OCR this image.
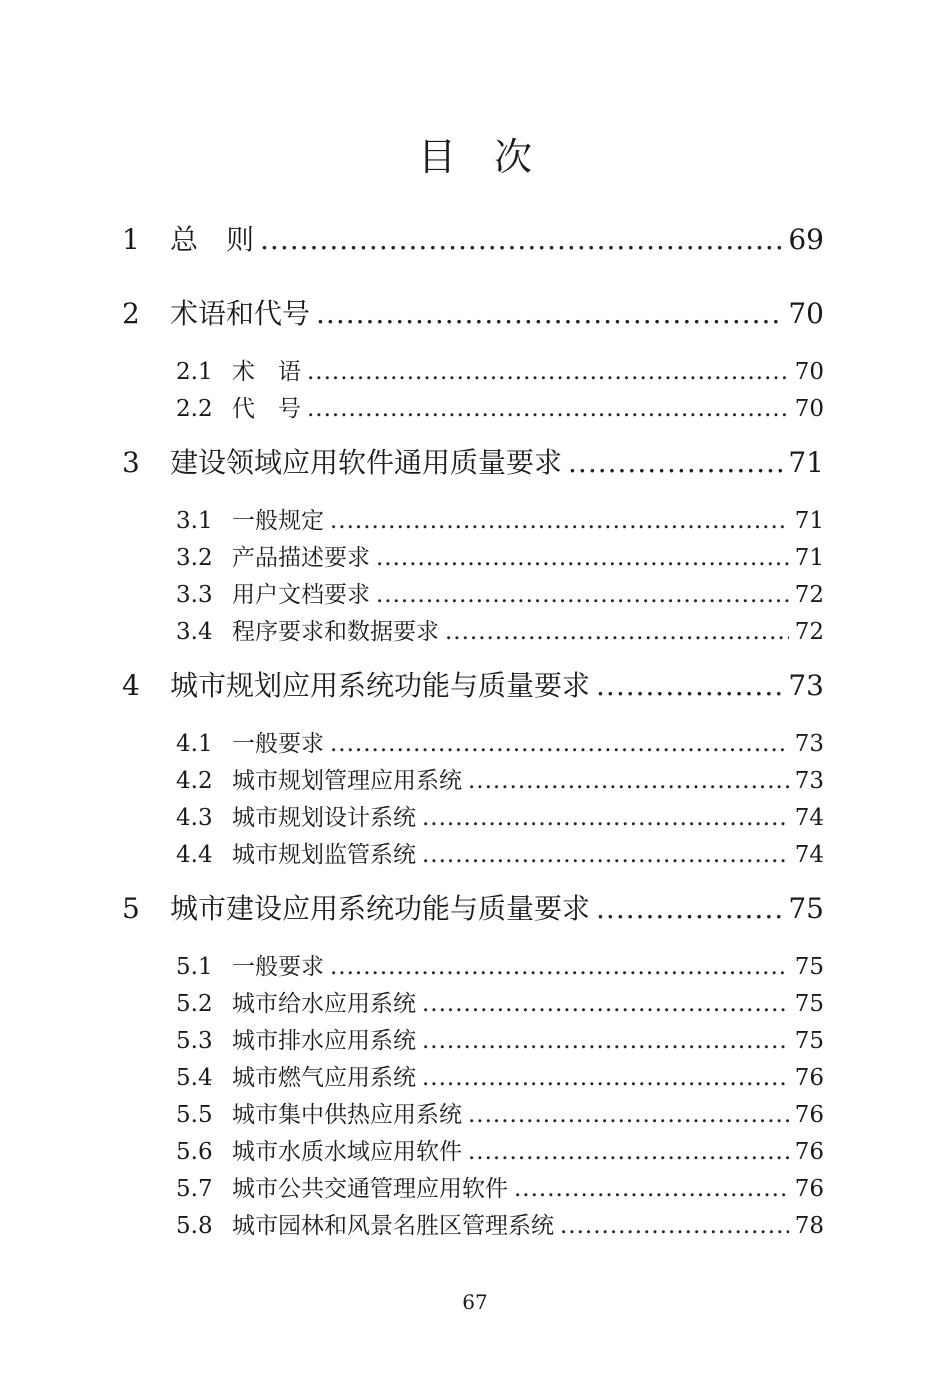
目　次
1	总　则 .....	69
2	术语和代号 .....	70
2.1 术　语 .....	70
2.2 代　号 .....	70
3	建设领域应用软件通用质量要求 .....	71
3.1 一般规定 .....	71
3.2 产品描述要求 .....	71
3.3 用户文档要求 .....	72
3.4 程序要求和数据要求 .....	72
4	城市规划应用系统功能与质量要求 .....	73
4.1 一般要求 .....	73
4.2 城市规划管理应用系统 .....	73
4.3 城市规划设计系统 .....	74
4.4 城市规划监管系统 .....	74
5	城市建设应用系统功能与质量要求 .....	75
5.1 一般要求 .....	75
5.2 城市给水应用系统 .....	75
5.3 城市排水应用系统 .....	75
5.4 城市燃气应用系统 .....	76
5.5 城市集中供热应用系统 .....	76
5.6 城市水质水域应用软件 .....	76
5.7 城市公共交通管理应用软件 .....	76
5.8 城市园林和风景名胜区管理系统 .....	78
67
